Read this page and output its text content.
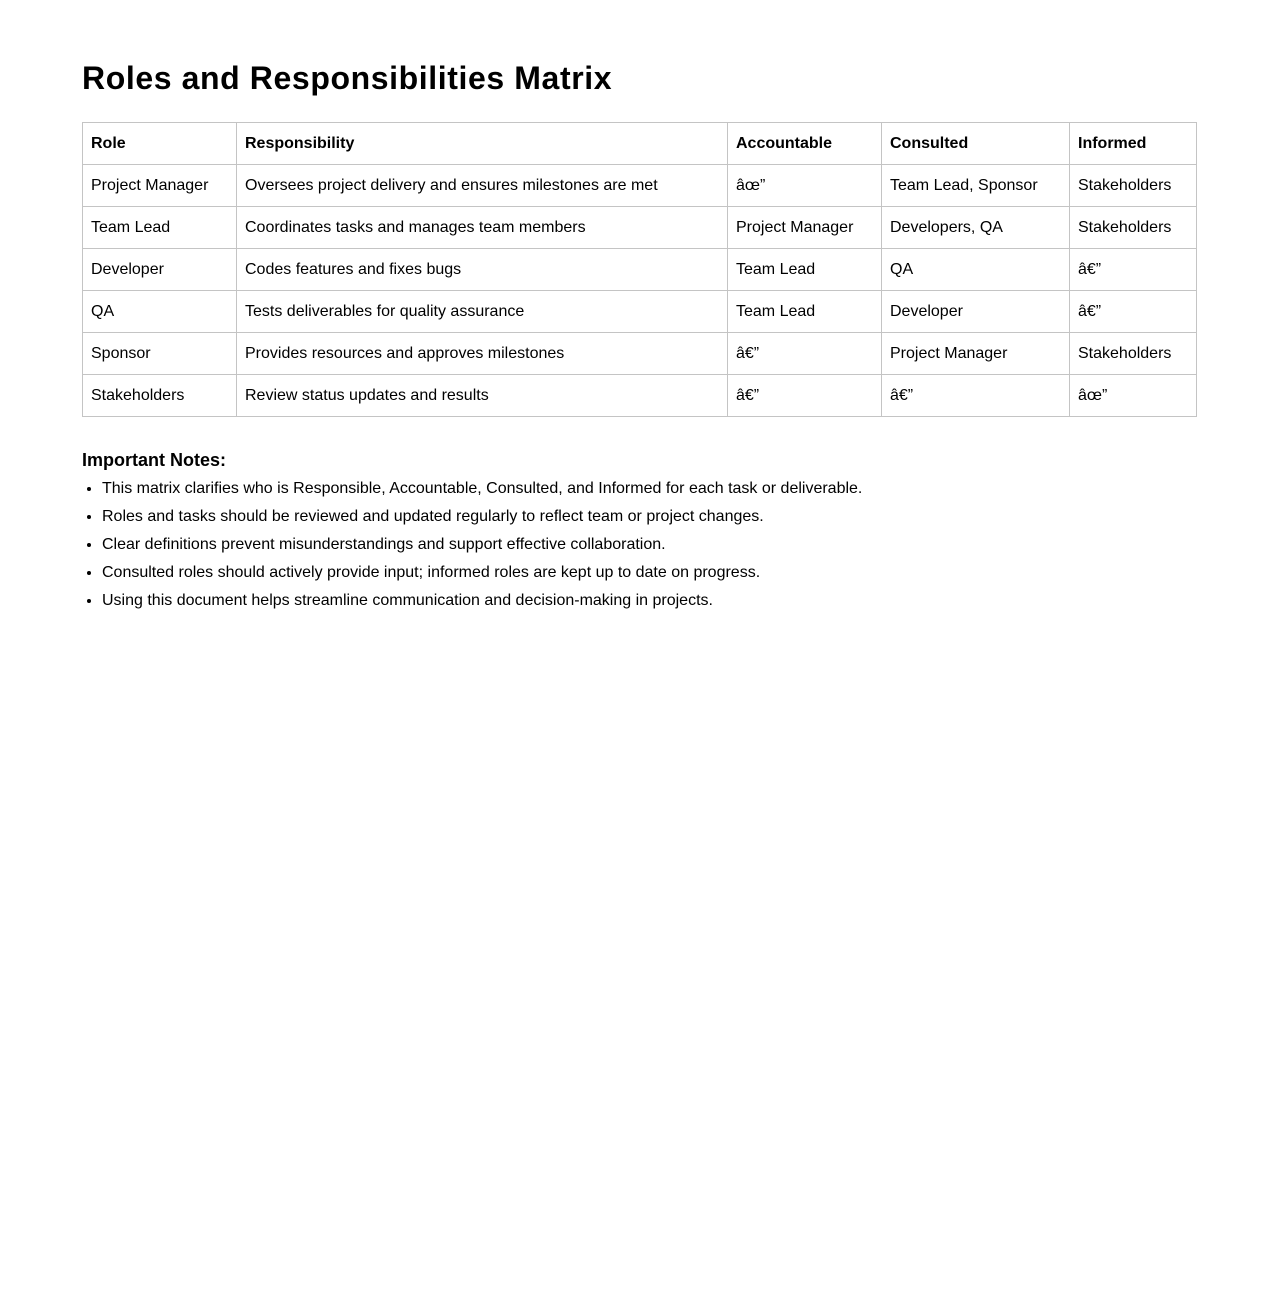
Roles and Responsibilities Matrix
Role	Responsibility	Accountable	Consulted	Informed
Project Manager	Oversees project delivery and ensures milestones are met	âœ”	Team Lead, Sponsor	Stakeholders
Team Lead	Coordinates tasks and manages team members	Project Manager	Developers, QA	Stakeholders
Developer	Codes features and fixes bugs	Team Lead	QA	â€”
QA	Tests deliverables for quality assurance	Team Lead	Developer	â€”
Sponsor	Provides resources and approves milestones	â€”	Project Manager	Stakeholders
Stakeholders	Review status updates and results	â€”	â€”	âœ”
Important Notes:
• This matrix clarifies who is Responsible, Accountable, Consulted, and Informed for each task or deliverable.
• Roles and tasks should be reviewed and updated regularly to reflect team or project changes.
• Clear definitions prevent misunderstandings and support effective collaboration.
• Consulted roles should actively provide input; informed roles are kept up to date on progress.
• Using this document helps streamline communication and decision-making in projects.
